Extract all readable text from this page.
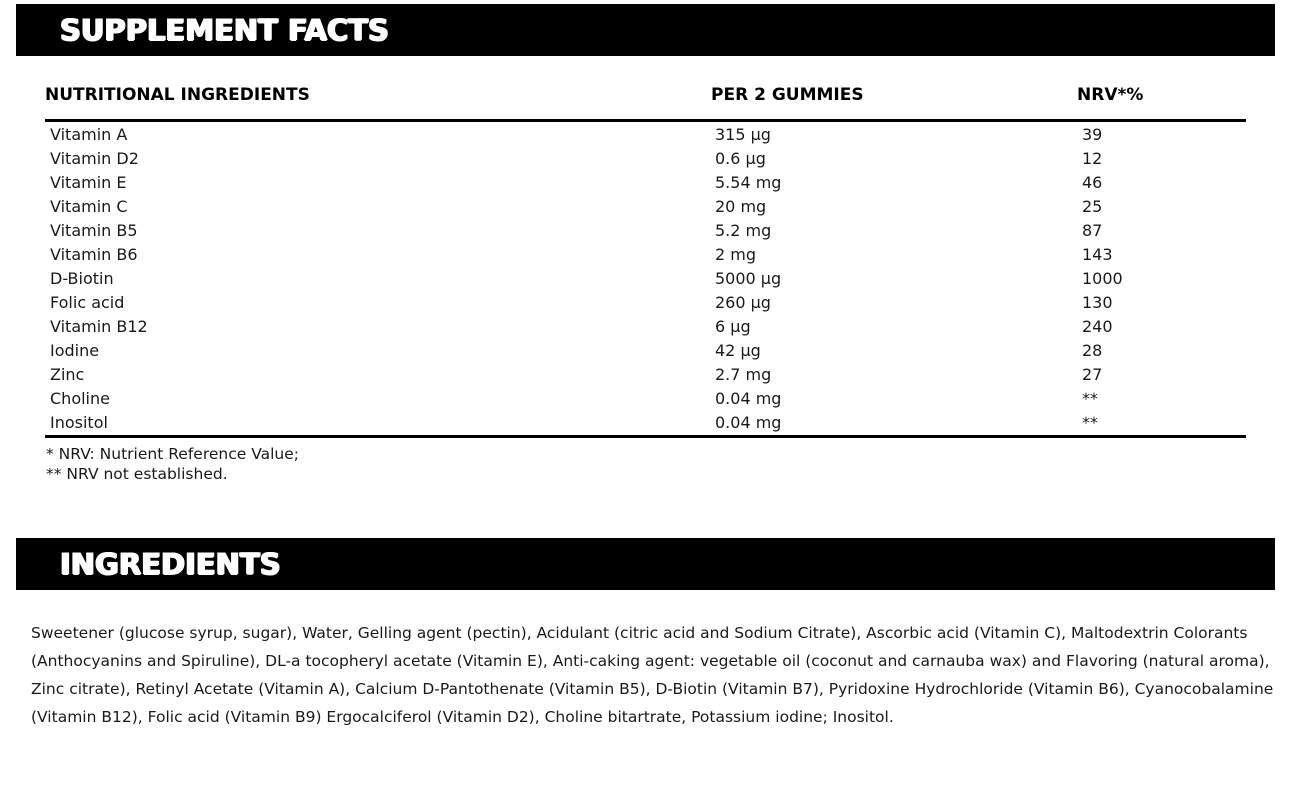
SUPPLEMENT FACTS
NUTRITIONAL INGREDIENTS	PER 2 GUMMIES	NRV*%
Vitamin A	315 µg	39
Vitamin D2	0.6 µg	12
Vitamin E	5.54 mg	46
Vitamin C	20 mg	25
Vitamin B5	5.2 mg	87
Vitamin B6	2 mg	143
D-Biotin	5000 µg	1000
Folic acid	260 µg	130
Vitamin B12	6 µg	240
Iodine	42 µg	28
Zinc	2.7 mg	27
Choline	0.04 mg	**
Inositol	0.04 mg	**
* NRV: Nutrient Reference Value;
** NRV not established.
INGREDIENTS
Sweetener (glucose syrup, sugar), Water, Gelling agent (pectin), Acidulant (citric acid and Sodium Citrate), Ascorbic acid (Vitamin C), Maltodextrin Colorants (Anthocyanins and Spiruline), DL-a tocopheryl acetate (Vitamin E), Anti-caking agent: vegetable oil (coconut and carnauba wax) and Flavoring (natural aroma), Zinc citrate), Retinyl Acetate (Vitamin A), Calcium D-Pantothenate (Vitamin B5), D-Biotin (Vitamin B7), Pyridoxine Hydrochloride (Vitamin B6), Cyanocobalamine (Vitamin B12), Folic acid (Vitamin B9) Ergocalciferol (Vitamin D2), Choline bitartrate, Potassium iodine; Inositol.
